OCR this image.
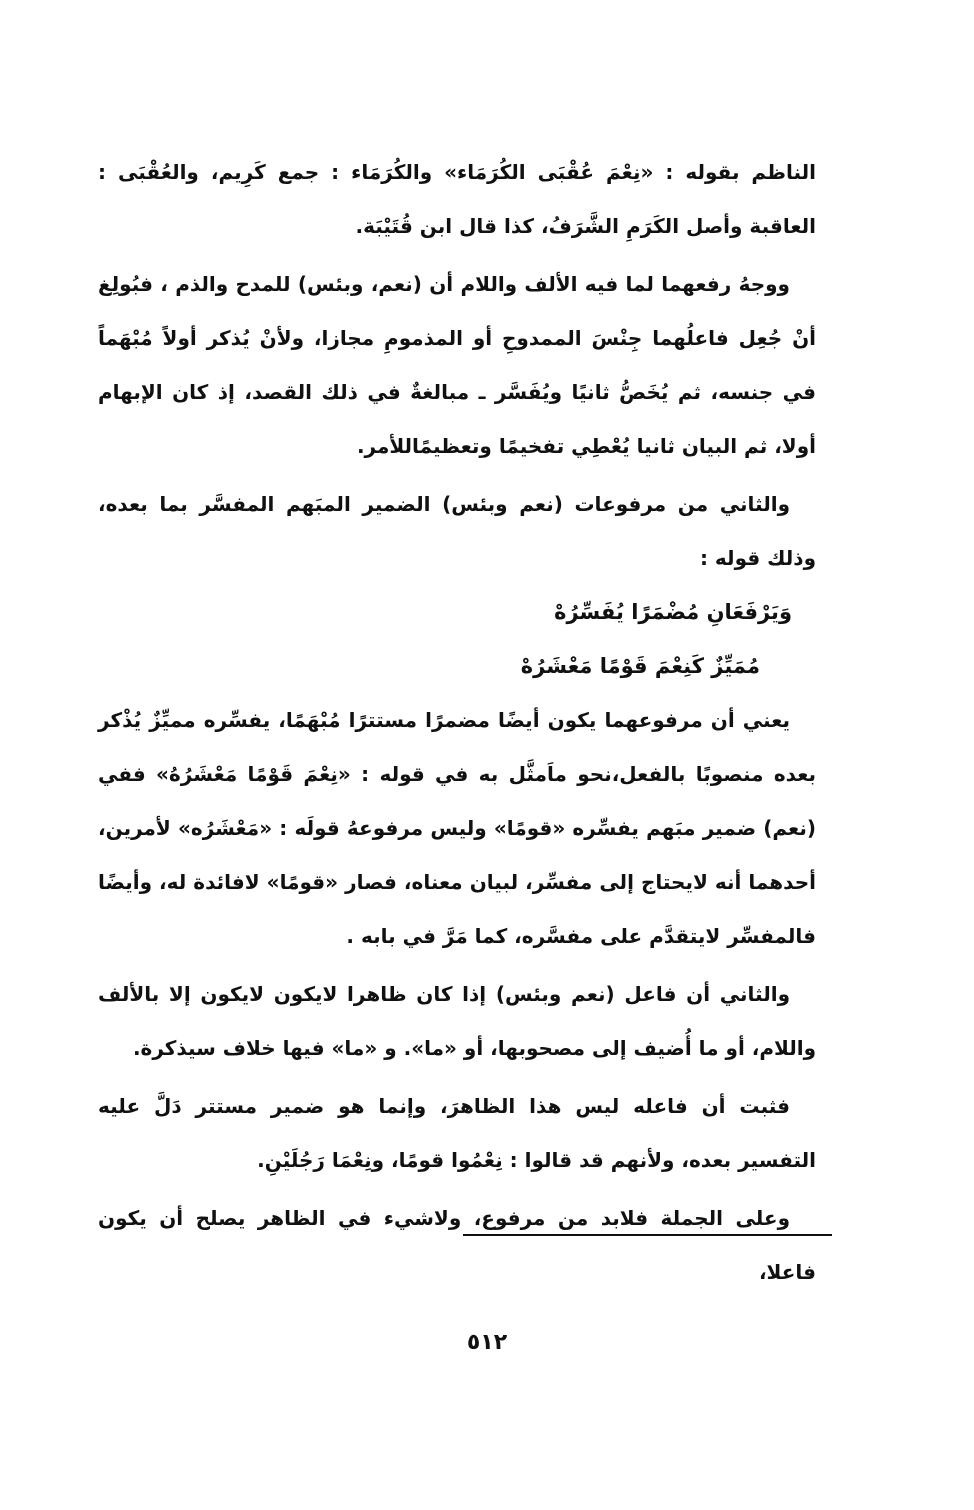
الناظم بقوله : «نِعْمَ عُقْبَى الكُرَمَاء» والكُرَمَاء : جمع كَرِيم، والعُقْبَى : العاقبة وأصل الكَرَمِ الشَّرَفُ، كذا قال ابن قُتَيْبَة.

ووجهُ رفعهما لما فيه الألف واللام أن (نعم، وبئس) للمدح والذم ، فبُولِغ أنْ جُعِل فاعلُهما جِنْسَ الممدوحِ أو المذمومِ مجازا، ولأنْ يُذكر أولاً مُبْهَماً في جنسه، ثم يُخَصُّ ثانيًا ويُفَسَّر ـ مبالغةٌ في ذلك القصد، إذ كان الإبهام أولا، ثم البيان ثانيا يُعْطِي تفخيمًا وتعظيمًاللأمر.

والثاني من مرفوعات (نعم وبئس) الضمير المبَهم المفسَّر بما بعده، وذلك قوله :

وَيَرْفَعَانِ مُضْمَرًا يُفَسِّرُهْ

مُمَيِّزٌ كَنِعْمَ قَوْمًا مَعْشَرُهْ

يعني أن مرفوعهما يكون أيضًا مضمرًا مستترًا مُبْهَمًا، يفسِّره مميِّزٌ يُذْكر بعده منصوبًا بالفعل،نحو ماَمثَّل به في قوله : «نِعْمَ قَوْمًا مَعْشَرُهُ» ففي (نعم) ضمير مبَهم يفسِّره «قومًا» وليس مرفوعهُ قولَه : «مَعْشَرُه» لأمرين، أحدهما أنه لايحتاج إلى مفسِّر، لبيان معناه، فصار «قومًا» لافائدة له، وأيضًا فالمفسِّر لايتقدَّم على مفسَّره، كما مَرَّ في بابه .

والثاني أن فاعل (نعم وبئس) إذا كان ظاهرا لايكون لايكون إلا بالألف واللام، أو ما أُضيف إلى مصحوبها، أو «ما». و «ما» فيها خلاف سيذكرة.

فثبت أن فاعله ليس هذا الظاهرَ، وإنما هو ضمير مستتر دَلَّ عليه التفسير بعده، ولأنهم قد قالوا : نِعْمُوا قومًا، ونِعْمَا رَجُلَيْنِ.

وعلى الجملة فلابد من مرفوع، ولاشيء في الظاهر يصلح أن يكون فاعلا،

٥١٢
